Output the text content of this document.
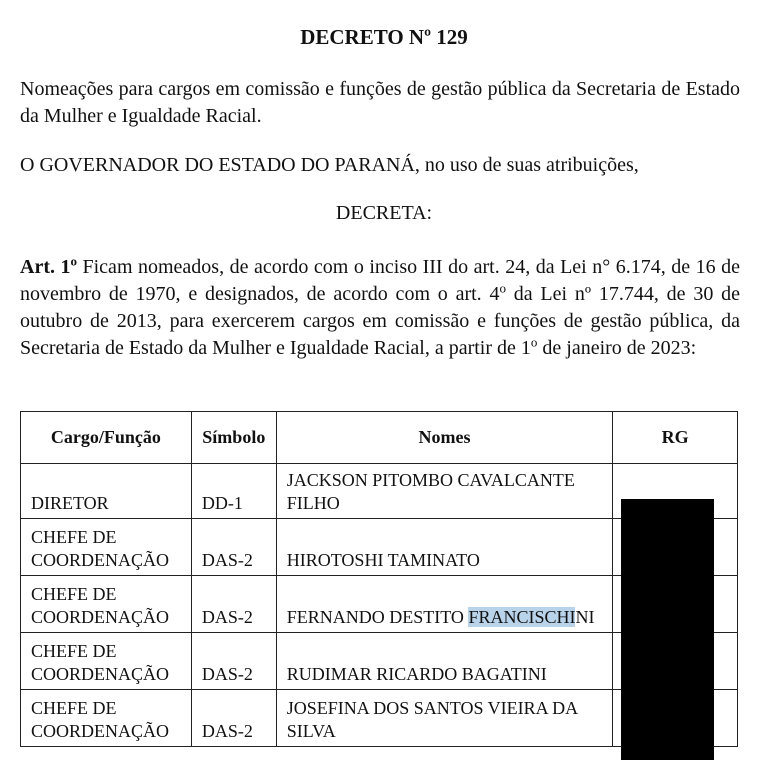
DECRETO Nº 129
Nomeações para cargos em comissão e funções de gestão pública da Secretaria de Estado da Mulher e Igualdade Racial.
O GOVERNADOR DO ESTADO DO PARANÁ, no uso de suas atribuições,
DECRETA:
Art. 1$^o$ Ficam nomeados, de acordo com o inciso III do art. 24, da Lei n° 6.174, de 16 de novembro de 1970, e designados, de acordo com o art. 4$^o$ da Lei nº 17.744, de 30 de outubro de 2013, para exercerem cargos em comissão e funções de gestão pública, da Secretaria de Estado da Mulher e Igualdade Racial, a partir de 1$^o$ de janeiro de 2023:
Cargo/Função	Símbolo	Nomes	RG
DIRETOR	DD-1	JACKSON PITOMBO CAVALCANTE FILHO	
CHEFE DE COORDENAÇÃO	DAS-2	HIROTOSHI TAMINATO	
CHEFE DE COORDENAÇÃO	DAS-2	FERNANDO DESTITO FRANCISCHINI	
CHEFE DE COORDENAÇÃO	DAS-2	RUDIMAR RICARDO BAGATINI	
CHEFE DE COORDENAÇÃO	DAS-2	JOSEFINA DOS SANTOS VIEIRA DA SILVA	
